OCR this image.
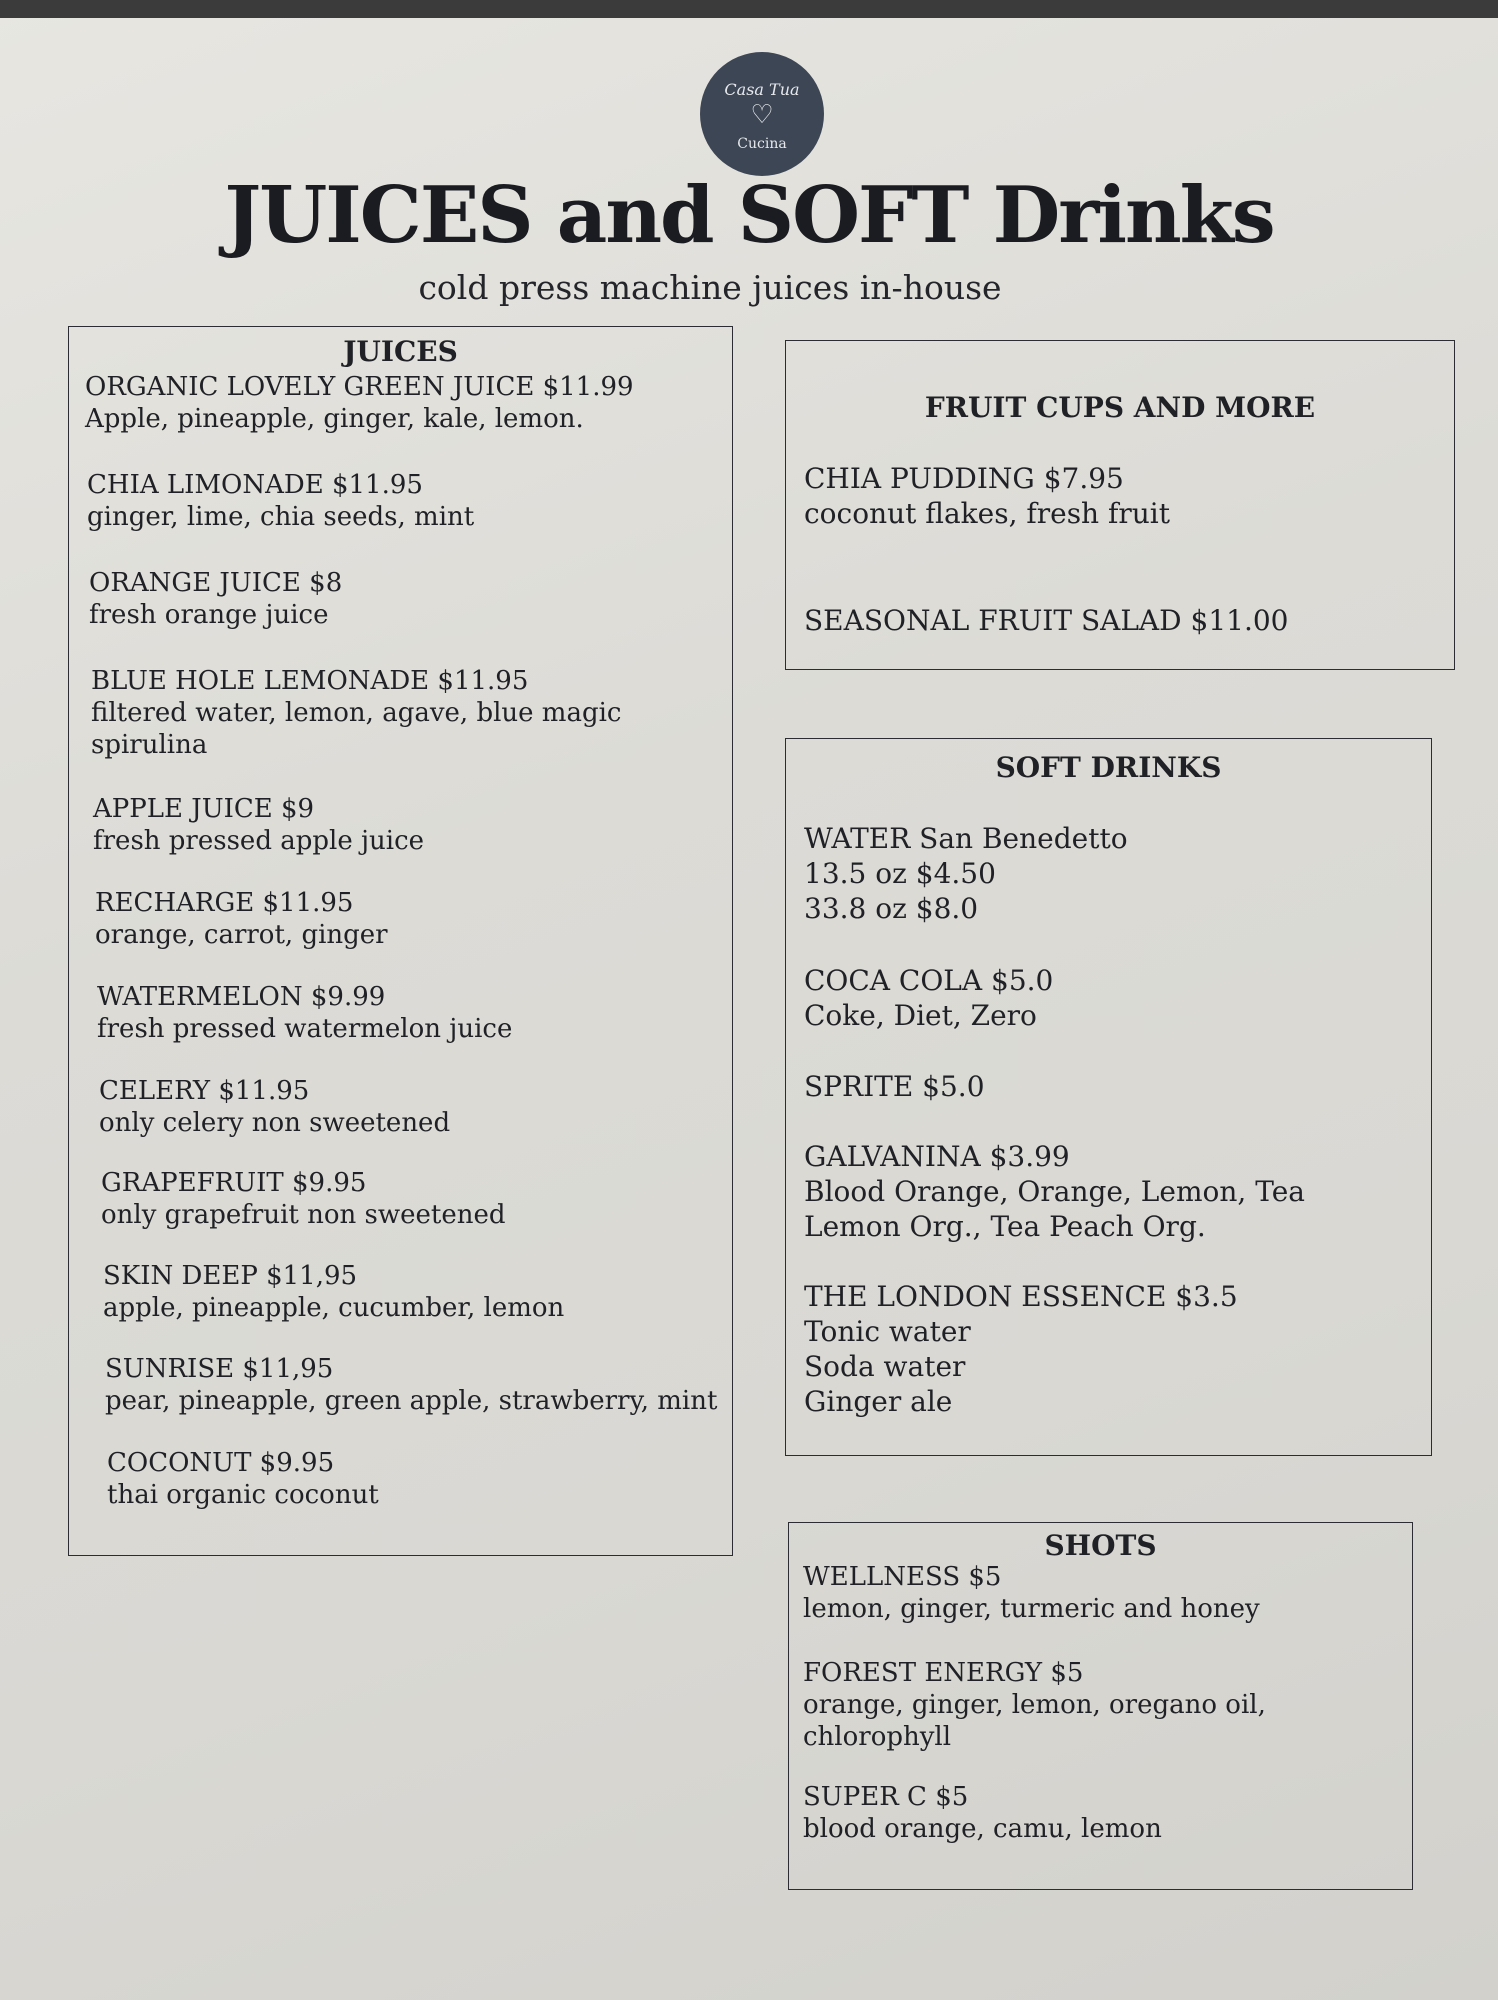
Casa Tua
♡
Cucina
JUICES and SOFT Drinks
cold press machine juices in-house
JUICES
ORGANIC LOVELY GREEN JUICE $11.99
Apple, pineapple, ginger, kale, lemon.
CHIA LIMONADE $11.95
ginger, lime, chia seeds, mint
ORANGE JUICE $8
fresh orange juice
BLUE HOLE LEMONADE $11.95
filtered water, lemon, agave, blue magic
spirulina
APPLE JUICE $9
fresh pressed apple juice
RECHARGE $11.95
orange, carrot, ginger
WATERMELON $9.99
fresh pressed watermelon juice
CELERY $11.95
only celery non sweetened
GRAPEFRUIT $9.95
only grapefruit non sweetened
SKIN DEEP $11,95
apple, pineapple, cucumber, lemon
SUNRISE $11,95
pear, pineapple, green apple, strawberry, mint
COCONUT $9.95
thai organic coconut
FRUIT CUPS AND MORE
CHIA PUDDING $7.95
coconut flakes, fresh fruit
SEASONAL FRUIT SALAD $11.00
SOFT DRINKS
WATER San Benedetto
13.5 oz $4.50
33.8 oz $8.0
COCA COLA $5.0
Coke, Diet, Zero
SPRITE $5.0
GALVANINA $3.99
Blood Orange, Orange, Lemon, Tea
Lemon Org., Tea Peach Org.
THE LONDON ESSENCE $3.5
Tonic water
Soda water
Ginger ale
SHOTS
WELLNESS $5
lemon, ginger, turmeric and honey
FOREST ENERGY $5
orange, ginger, lemon, oregano oil,
chlorophyll
SUPER C $5
blood orange, camu, lemon
